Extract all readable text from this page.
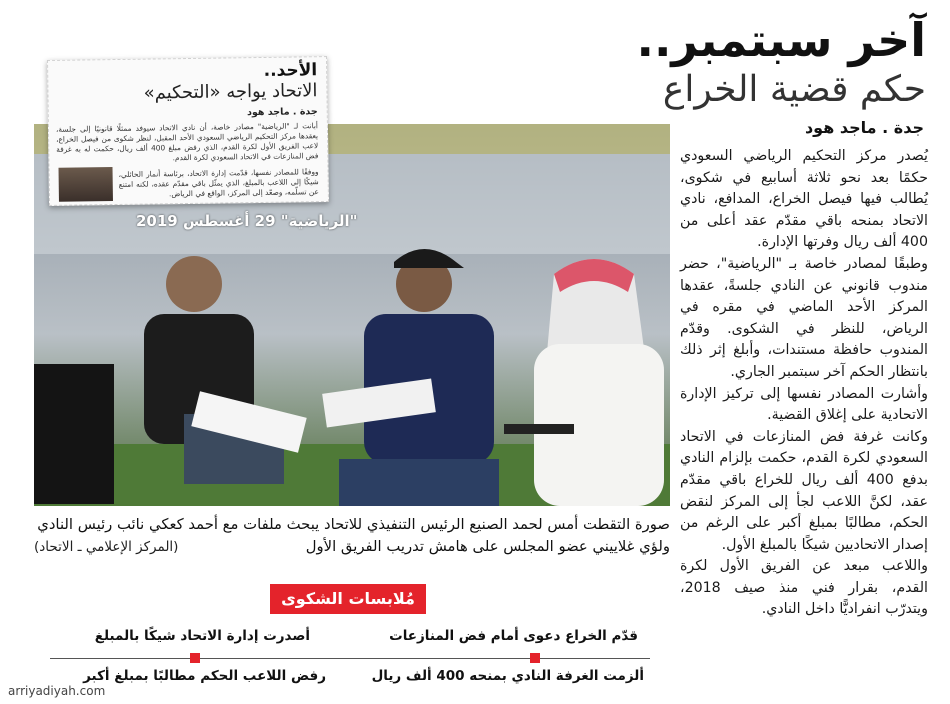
آخر سبتمبر..
حكم قضية الخراع
جدة . ماجد هود

يُصدر مركز التحكيم الرياضي السعودي حكمًا بعد نحو ثلاثة أسابيع في شكوى، يُطالب فيها فيصل الخراع، المدافع، نادي الاتحاد بمنحه باقي مقدّم عقد أعلى من 400 ألف ريال وفرتها الإدارة.

وطبقًا لمصادر خاصة بـ "الرياضية"، حضر مندوب قانوني عن النادي جلسةً، عقدها المركز الأحد الماضي في مقره في الرياض، للنظر في الشكوى. وقدّم المندوب حافظة مستندات، وأبلغ إثر ذلك بانتظار الحكم آخر سبتمبر الجاري.

وأشارت المصادر نفسها إلى تركيز الإدارة الاتحادية على إغلاق القضية.

وكانت غرفة فض المنازعات في الاتحاد السعودي لكرة القدم، حكمت بإلزام النادي بدفع 400 ألف ريال للخراع باقي مقدّم عقد، لكنَّ اللاعب لجأ إلى المركز لنقض الحكم، مطالبًا بمبلغ أكبر على الرغم من إصدار الاتحاديين شيكًا بالمبلغ الأول.

واللاعب مبعد عن الفريق الأول لكرة القدم، بقرار فني منذ صيف 2018، ويتدرّب انفراديًّا داخل النادي.

الأحد..
الاتحاد يواجه «التحكيم»
جدة . ماجد هود
أبانت لـ "الرياضية" مصادر خاصة، أن نادي الاتحاد سيوفد ممثلًا قانونيًا إلى جلسة، يعقدها مركز التحكيم الرياضي السعودي الأحد المقبل، لنظر شكوى من فيصل الخراع، لاعب الفريق الأول لكرة القدم، الذي رفض مبلغ 400 ألف ريال، حكمت له به غرفة فض المنازعات في الاتحاد السعودي لكرة القدم.
ووفقًا للمصادر نفسها، قدّمت إدارة الاتحاد، برئاسة أنمار الحائلي، شيكًا إلى اللاعب بالمبلغ، الذي يمثّل باقي مقدّم عقده، لكنه امتنع عن تسلّمه، وصعّد إلى المركز، الواقع في الرياض.
"الرياضية" 29 أغسطس 2019
صورة التقطت أمس لحمد الصنيع الرئيس التنفيذي للاتحاد يبحث ملفات مع أحمد كعكي نائب رئيس النادي ولؤي غلاييني عضو المجلس على هامش تدريب الفريق الأول
(المركز الإعلامي ـ الاتحاد)
مُلابسات الشكوى
قدّم الخراع دعوى أمام فض المنازعات
أصدرت إدارة الاتحاد شيكًا بالمبلغ
ألزمت الغرفة النادي بمنحه 400 ألف ريال
رفض اللاعب الحكم مطالبًا بمبلغ أكبر
arriyadiyah.com
